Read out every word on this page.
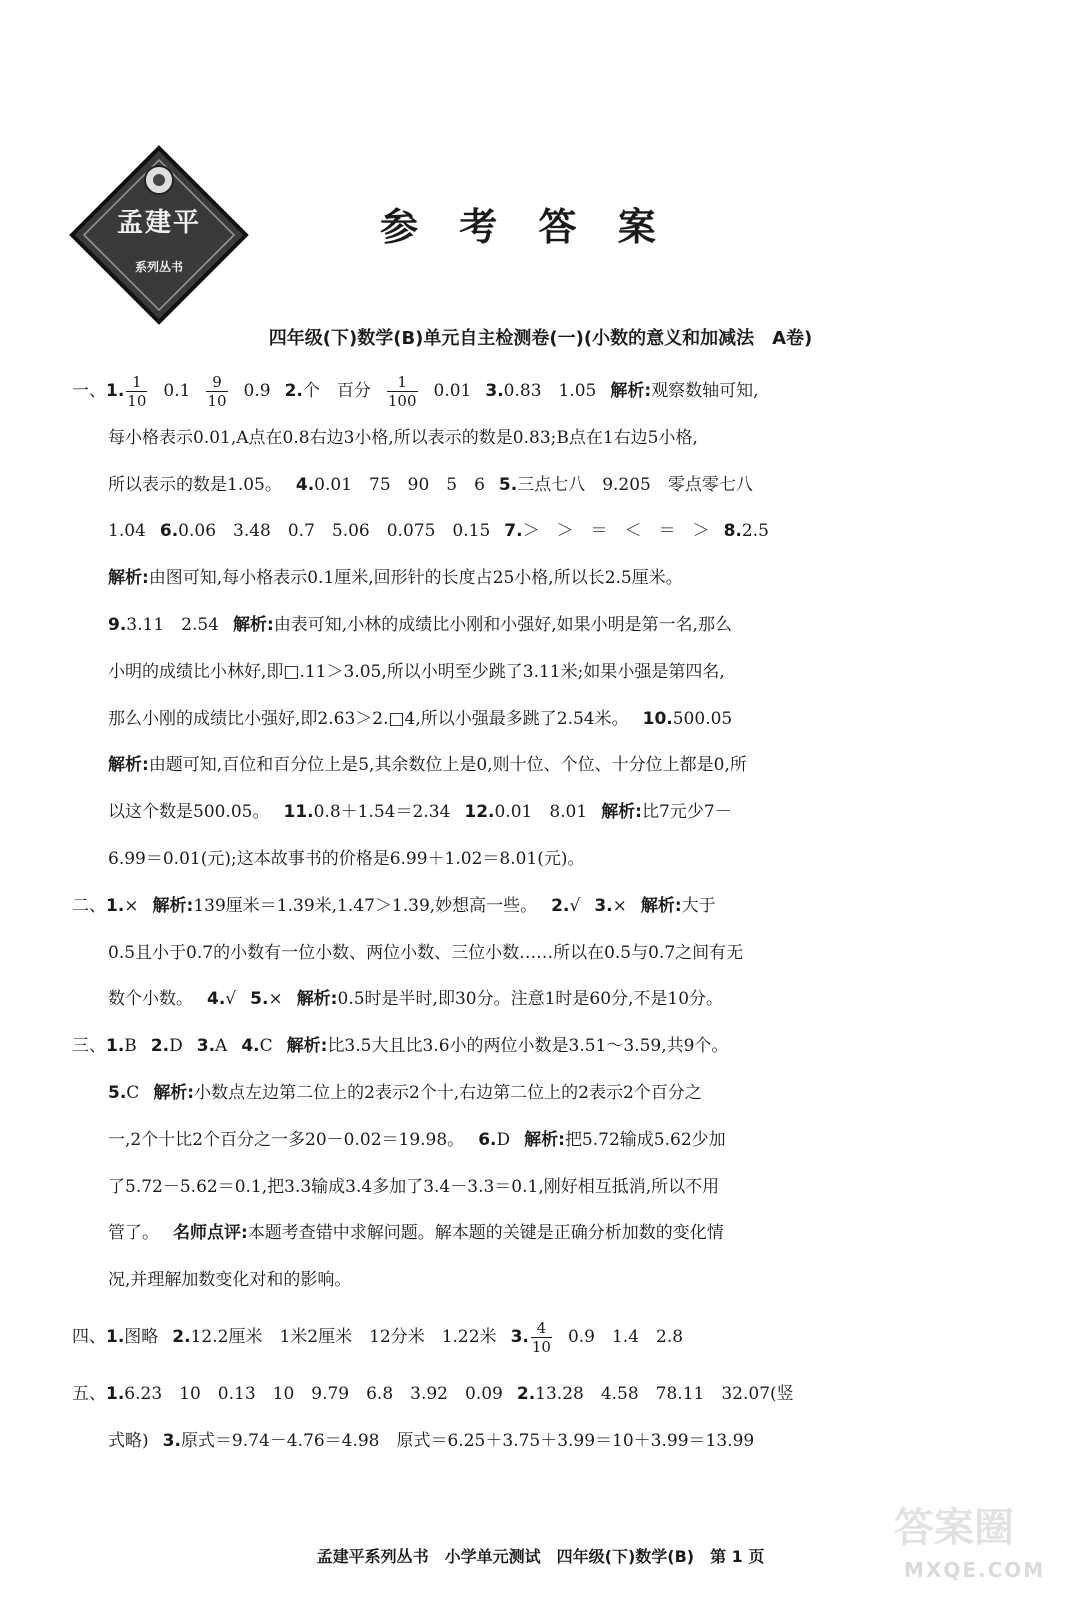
孟建平
系列丛书
参 考 答 案
四年级(下)数学(B)单元自主检测卷(一)(小数的意义和加减法　A卷)
一、1. $\frac{1}{10} 0.1 \frac{9}{10} 0.9$ 2.个　百分 $\frac{1}{100} 0.01$ 3.0.83　1.05 解析:观察数轴可知,
每小格表示0.01,A点在0.8右边3小格,所以表示的数是0.83;B点在1右边5小格,
所以表示的数是1.05。 4.0.01　75　90　5　6 5.三点七八　9.205　零点零七八
1.04 6.0.06　3.48　0.7　5.06　0.075　0.15 7.＞　＞　＝　＜　＝　＞ 8.2.5
解析:由图可知,每小格表示0.1厘米,回形针的长度占25小格,所以长2.5厘米。
9.3.11　2.54 解析:由表可知,小林的成绩比小刚和小强好,如果小明是第一名,那么
小明的成绩比小林好,即□.11＞3.05,所以小明至少跳了3.11米;如果小强是第四名,
那么小刚的成绩比小强好,即2.63＞2.□4,所以小强最多跳了2.54米。 10.500.05
解析:由题可知,百位和百分位上是5,其余数位上是0,则十位、个位、十分位上都是0,所
以这个数是500.05。 11.0.8＋1.54＝2.34 12.0.01　8.01 解析:比7元少7－
6.99＝0.01(元);这本故事书的价格是6.99＋1.02＝8.01(元)。
二、1.× 解析:139厘米＝1.39米,1.47＞1.39,妙想高一些。 2.√ 3.× 解析:大于
0.5且小于0.7的小数有一位小数、两位小数、三位小数……所以在0.5与0.7之间有无
数个小数。 4.√ 5.× 解析:0.5时是半时,即30分。注意1时是60分,不是10分。
三、1.B 2.D 3.A 4.C 解析:比3.5大且比3.6小的两位小数是3.51～3.59,共9个。
5.C 解析:小数点左边第二位上的2表示2个十,右边第二位上的2表示2个百分之
一,2个十比2个百分之一多20－0.02＝19.98。 6.D 解析:把5.72输成5.62少加
了5.72－5.62＝0.1,把3.3输成3.4多加了3.4－3.3＝0.1,刚好相互抵消,所以不用
管了。 名师点评:本题考查错中求解问题。解本题的关键是正确分析加数的变化情
况,并理解加数变化对和的影响。
四、1.图略 2.12.2厘米　1米2厘米　12分米　1.22米 3. $\frac{4}{10} 0.9$　1.4　2.8
五、1.6.23　10　0.13　10　9.79　6.8　3.92　0.09 2.13.28　4.58　78.11　32.07(竖
式略) 3.原式＝9.74－4.76＝4.98　原式＝6.25＋3.75＋3.99＝10＋3.99＝13.99
孟建平系列丛书　小学单元测试　四年级(下)数学(B)　第 1 页
答案圈
MXQE.COM
